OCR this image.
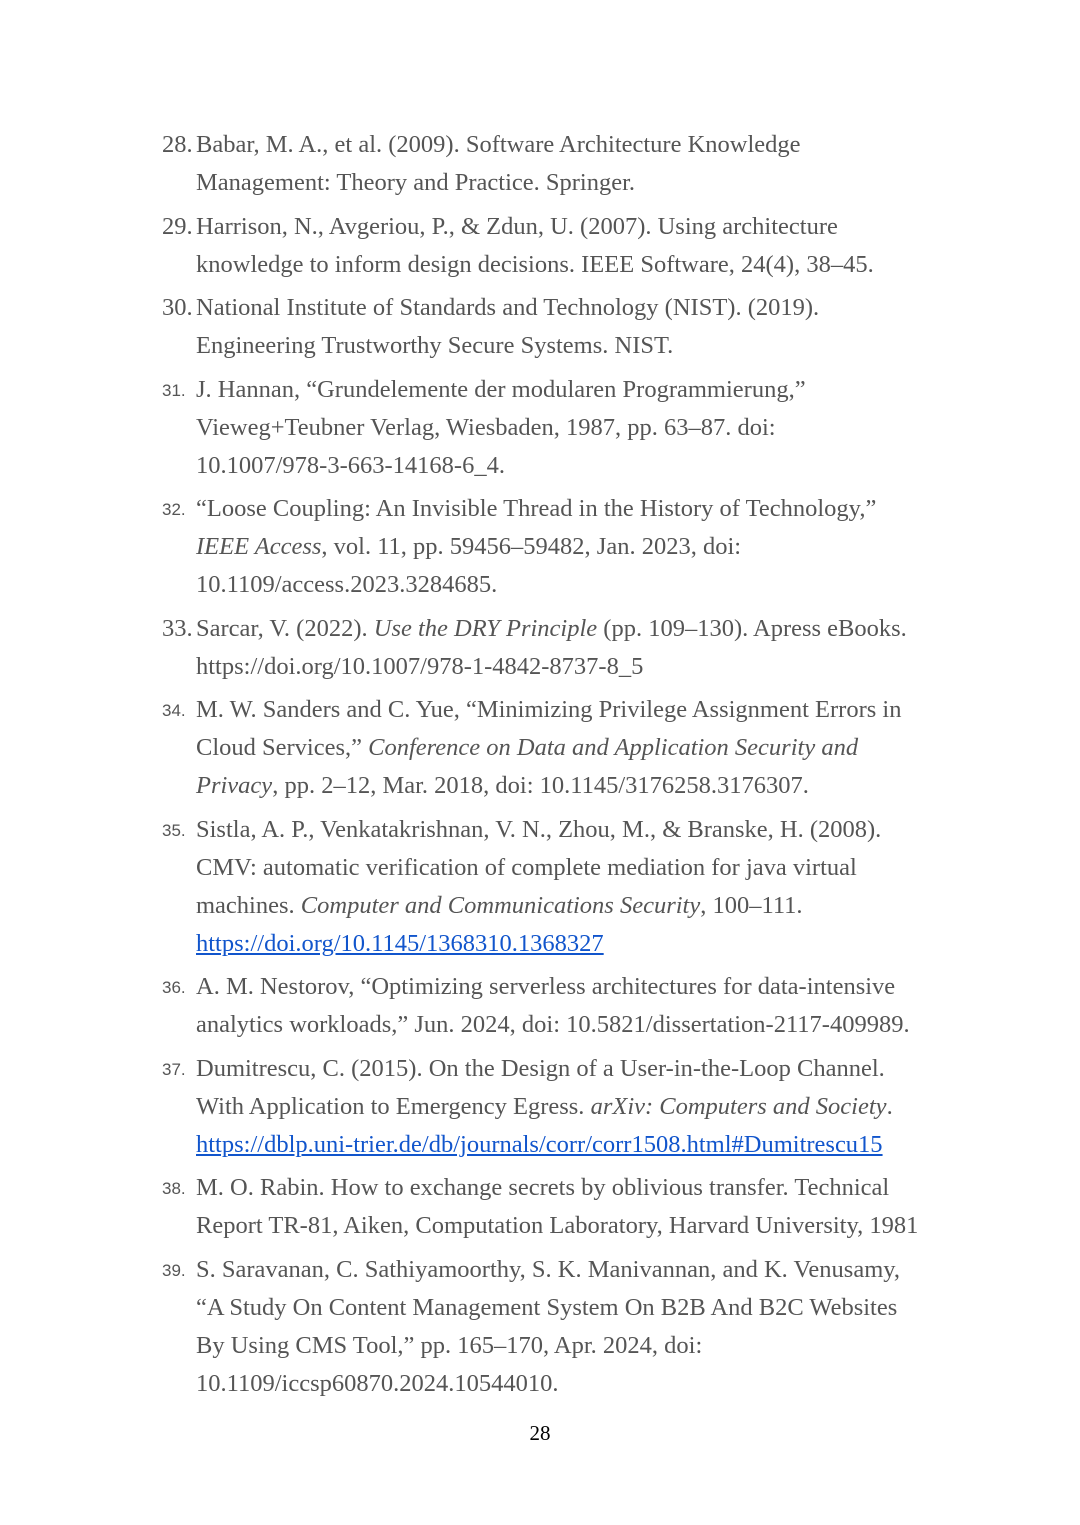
28. Babar, M. A., et al. (2009). Software Architecture Knowledge
Management: Theory and Practice. Springer.
29. Harrison, N., Avgeriou, P., & Zdun, U. (2007). Using architecture
knowledge to inform design decisions. IEEE Software, 24(4), 38–45.
30. National Institute of Standards and Technology (NIST). (2019).
Engineering Trustworthy Secure Systems. NIST.
31. J. Hannan, “Grundelemente der modularen Programmierung,”
Vieweg+Teubner Verlag, Wiesbaden, 1987, pp. 63–87. doi:
10.1007/978-3-663-14168-6_4.
32. “Loose Coupling: An Invisible Thread in the History of Technology,”
IEEE Access, vol. 11, pp. 59456–59482, Jan. 2023, doi:
10.1109/access.2023.3284685.
33. Sarcar, V. (2022). Use the DRY Principle (pp. 109–130). Apress eBooks.
https://doi.org/10.1007/978-1-4842-8737-8_5
34. M. W. Sanders and C. Yue, “Minimizing Privilege Assignment Errors in
Cloud Services,” Conference on Data and Application Security and
Privacy, pp. 2–12, Mar. 2018, doi: 10.1145/3176258.3176307.
35. Sistla, A. P., Venkatakrishnan, V. N., Zhou, M., & Branske, H. (2008).
CMV: automatic verification of complete mediation for java virtual
machines. Computer and Communications Security, 100–111.
https://doi.org/10.1145/1368310.1368327
36. A. M. Nestorov, “Optimizing serverless architectures for data-intensive
analytics workloads,” Jun. 2024, doi: 10.5821/dissertation-2117-409989.
37. Dumitrescu, C. (2015). On the Design of a User-in-the-Loop Channel.
With Application to Emergency Egress. arXiv: Computers and Society.
https://dblp.uni-trier.de/db/journals/corr/corr1508.html#Dumitrescu15
38. M. O. Rabin. How to exchange secrets by oblivious transfer. Technical
Report TR-81, Aiken, Computation Laboratory, Harvard University, 1981
39. S. Saravanan, C. Sathiyamoorthy, S. K. Manivannan, and K. Venusamy,
“A Study On Content Management System On B2B And B2C Websites
By Using CMS Tool,” pp. 165–170, Apr. 2024, doi:
10.1109/iccsp60870.2024.10544010.
28
